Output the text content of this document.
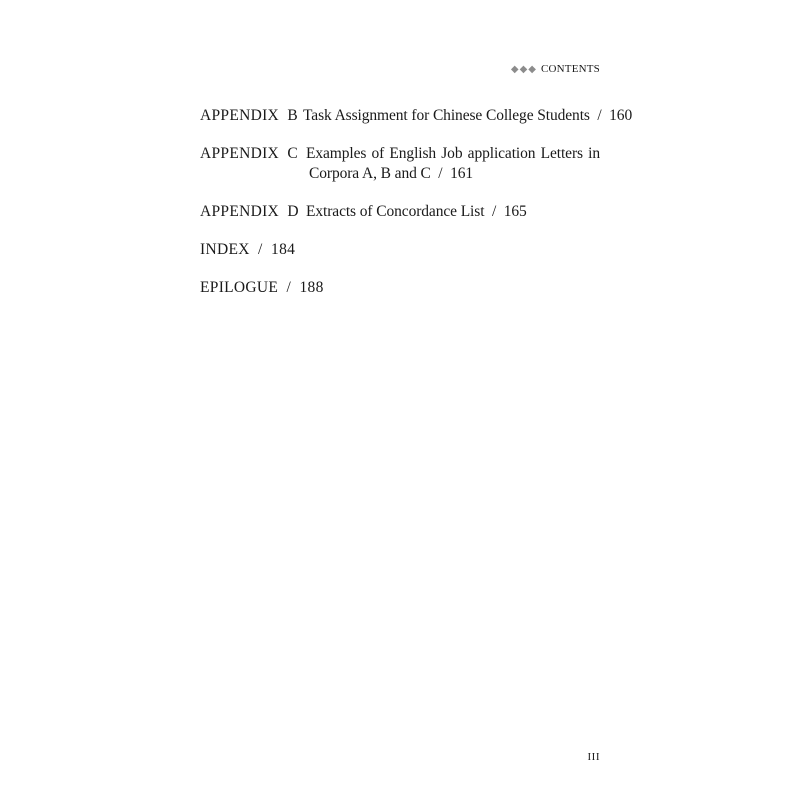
◆◆◆ CONTENTS
APPENDIX  B Task Assignment for Chinese College Students  /  160
APPENDIX  C Examples of English Job application Letters in
Corpora A, B and C  /  161
APPENDIX  D Extracts of Concordance List  /  165
INDEX  /  184
EPILOGUE  /  188
III
